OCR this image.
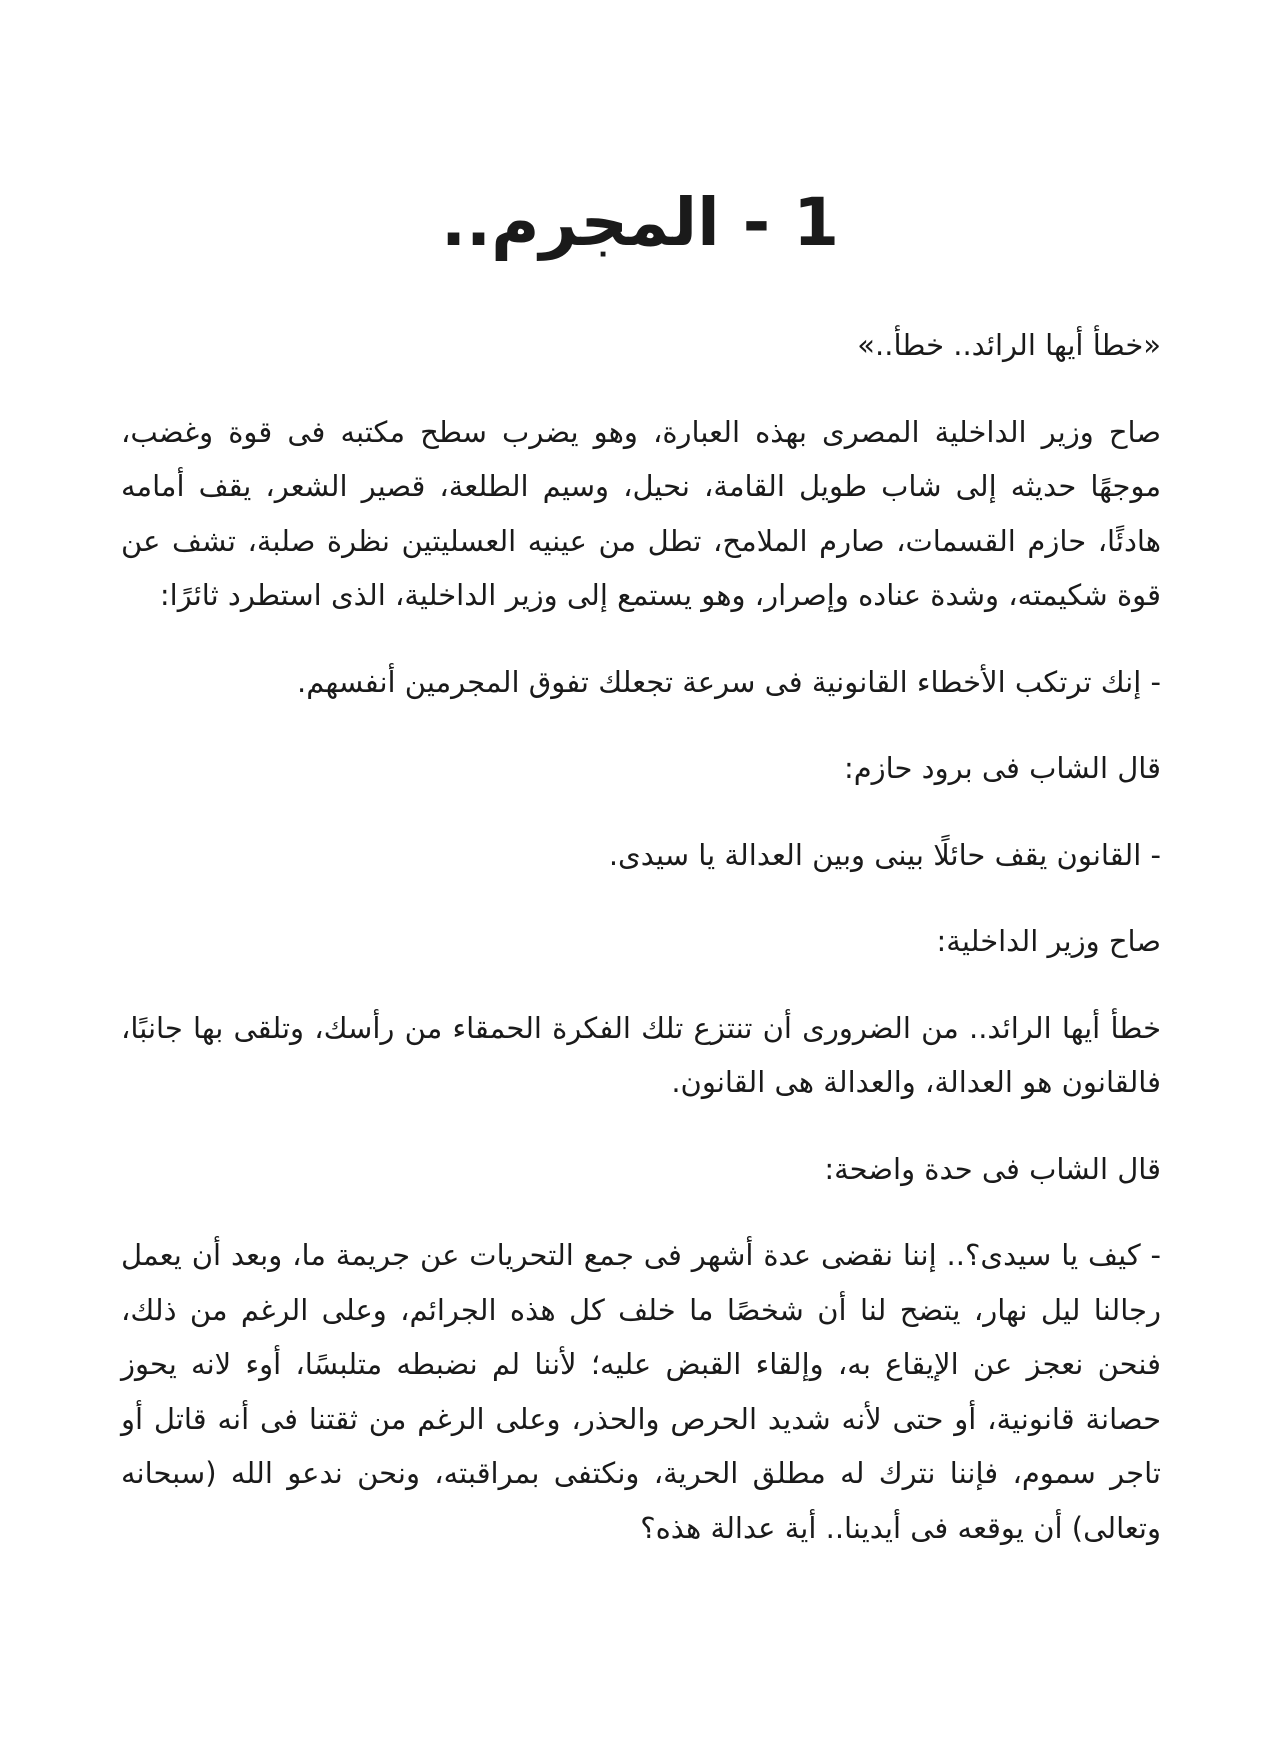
1 - المجرم..

«خطأ أيها الرائد.. خطأ..»

صاح وزير الداخلية المصرى بهذه العبارة، وهو يضرب سطح مكتبه فى قوة وغضب، موجهًا حديثه إلى شاب طويل القامة، نحيل، وسيم الطلعة، قصير الشعر، يقف أمامه هادئًا، حازم القسمات، صارم الملامح، تطل من عينيه العسليتين نظرة صلبة، تشف عن قوة شكيمته، وشدة عناده وإصرار، وهو يستمع إلى وزير الداخلية، الذى استطرد ثائرًا:

- إنك ترتكب الأخطاء القانونية فى سرعة تجعلك تفوق المجرمين أنفسهم.

قال الشاب فى برود حازم:

- القانون يقف حائلًا بينى وبين العدالة يا سيدى.

صاح وزير الداخلية:

خطأ أيها الرائد.. من الضرورى أن تنتزع تلك الفكرة الحمقاء من رأسك، وتلقى بها جانبًا، فالقانون هو العدالة، والعدالة هى القانون.

قال الشاب فى حدة واضحة:

- كيف يا سيدى؟.. إننا نقضى عدة أشهر فى جمع التحريات عن جريمة ما، وبعد أن يعمل رجالنا ليل نهار، يتضح لنا أن شخصًا ما خلف كل هذه الجرائم، وعلى الرغم من ذلك، فنحن نعجز عن الإيقاع به، وإلقاء القبض عليه؛ لأننا لم نضبطه متلبسًا، أوء لانه يحوز حصانة قانونية، أو حتى لأنه شديد الحرص والحذر، وعلى الرغم من ثقتنا فى أنه قاتل أو تاجر سموم، فإننا نترك له مطلق الحرية، ونكتفى بمراقبته، ونحن ندعو الله (سبحانه وتعالى) أن يوقعه فى أيدينا.. أية عدالة هذه؟
